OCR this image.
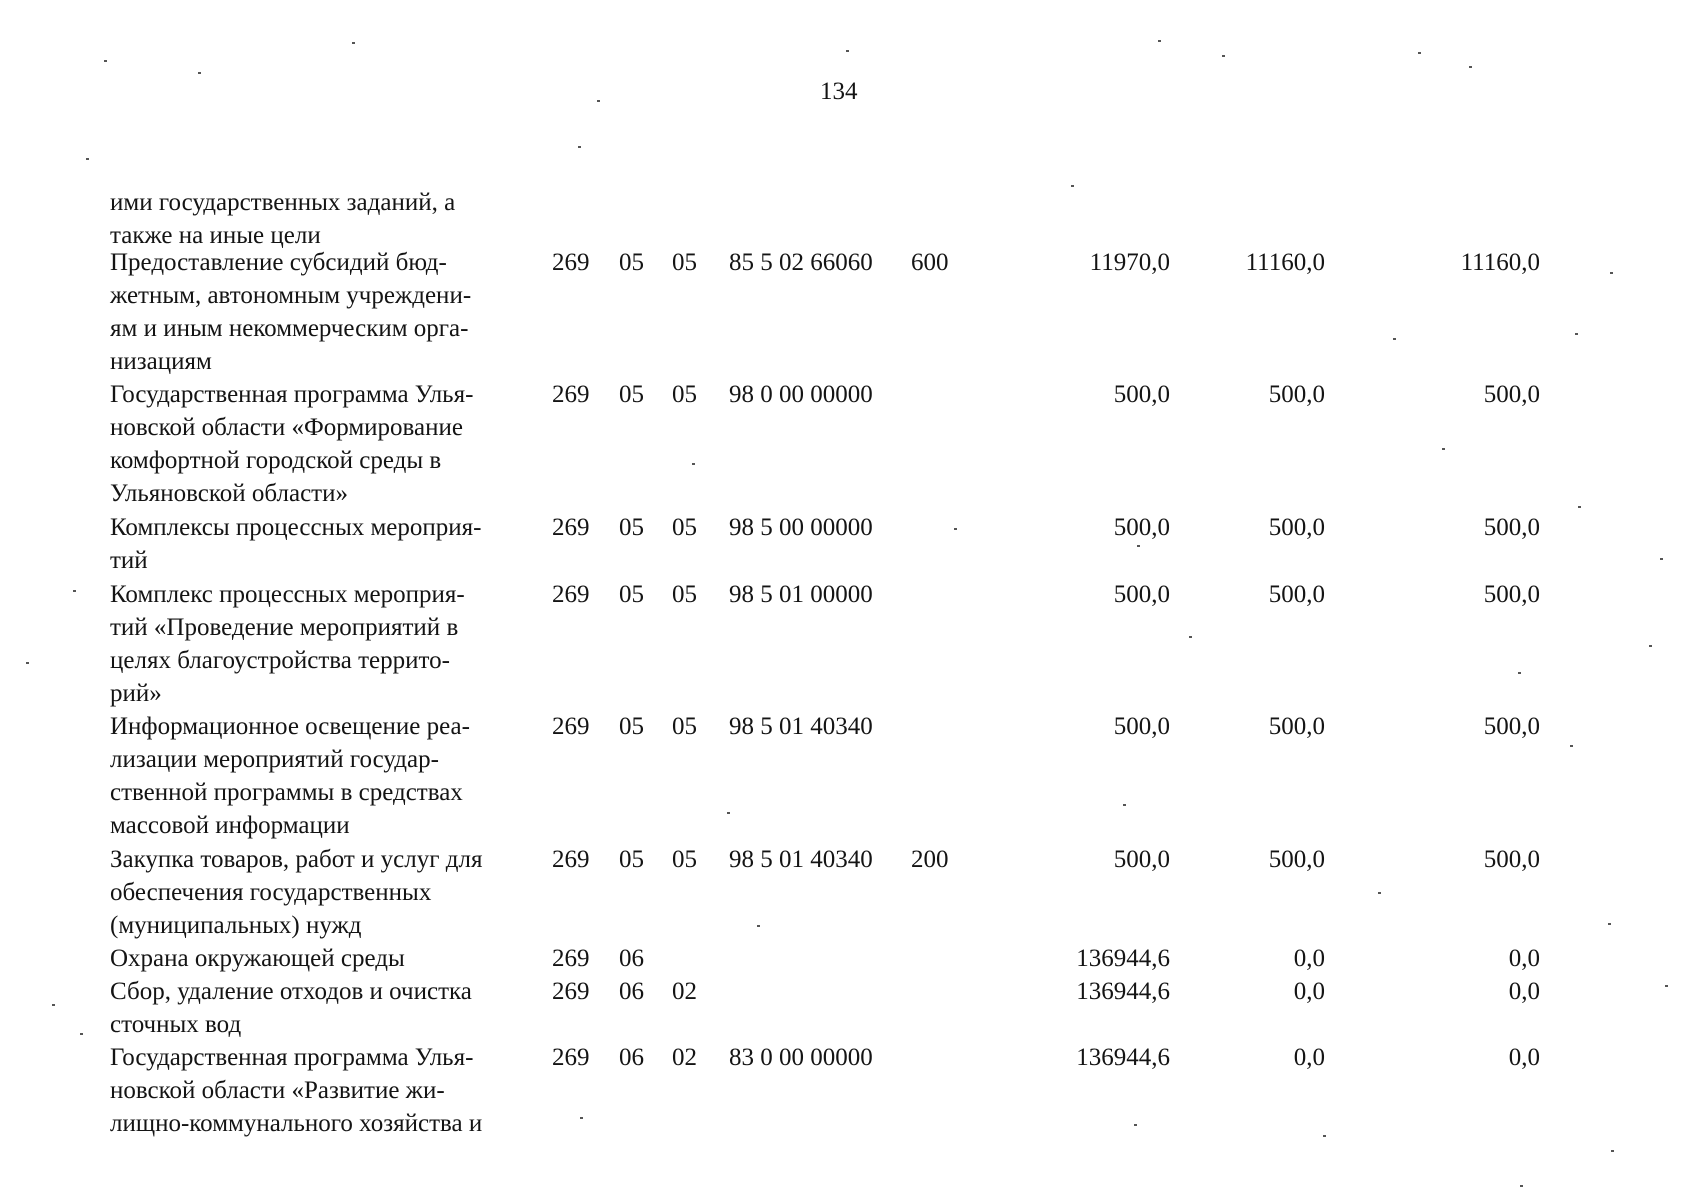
134
ими государственных заданий, а
также на иные цели
Предоставление субсидий бюд-
жетным, автономным учреждени-
ям и иным некоммерческим орга-
низациям
269 05 05 85 5 02 66060 600	11970,0	11160,0	11160,0
Государственная программа Улья-
новской области «Формирование
комфортной городской среды в
Ульяновской области»
269 05 05 98 0 00 00000	500,0	500,0	500,0
Комплексы процессных мероприя-
тий
269 05 05 98 5 00 00000	500,0	500,0	500,0
Комплекс процессных мероприя-
тий «Проведение мероприятий в
целях благоустройства террито-
рий»
269 05 05 98 5 01 00000	500,0	500,0	500,0
Информационное освещение реа-
лизации мероприятий государ-
ственной программы в средствах
массовой информации
269 05 05 98 5 01 40340	500,0	500,0	500,0
Закупка товаров, работ и услуг для
обеспечения государственных
(муниципальных) нужд
269 05 05 98 5 01 40340 200	500,0	500,0	500,0
Охрана окружающей среды	269 06	136944,6	0,0	0,0
Сбор, удаление отходов и очистка
сточных вод
269 06 02	136944,6	0,0	0,0
Государственная программа Улья-
новской области «Развитие жи-
лищно-коммунального хозяйства и
269 06 02 83 0 00 00000	136944,6	0,0	0,0
